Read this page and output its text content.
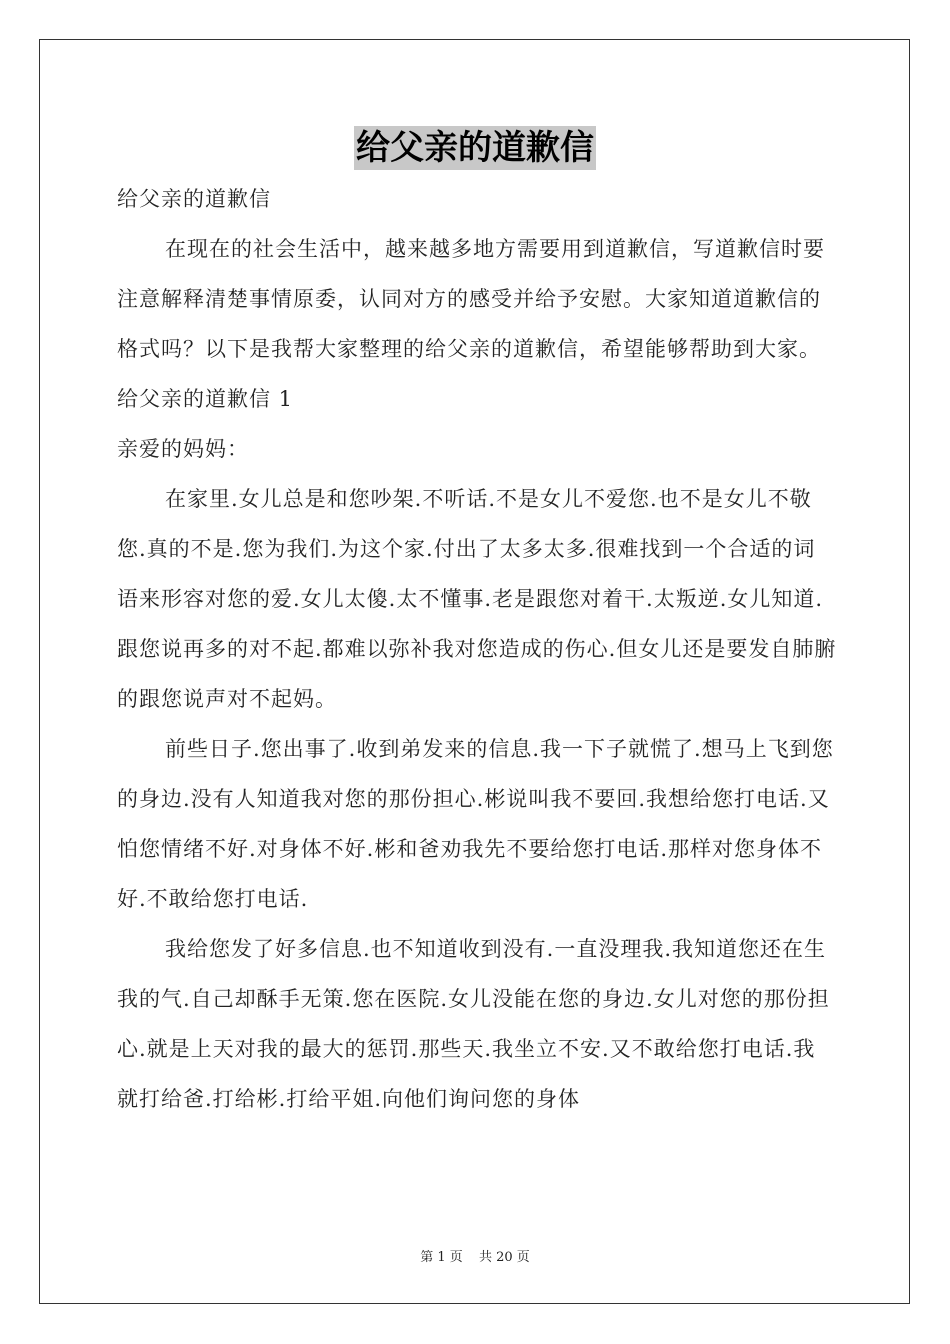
给父亲的道歉信

给父亲的道歉信

在现在的社会生活中，越来越多地方需要用到道歉信，写道歉信时要注意解释清楚事情原委，认同对方的感受并给予安慰。大家知道道歉信的格式吗？以下是我帮大家整理的给父亲的道歉信，希望能够帮助到大家。

给父亲的道歉信 1

亲爱的妈妈：

在家里.女儿总是和您吵架.不听话.不是女儿不爱您.也不是女儿不敬您.真的不是.您为我们.为这个家.付出了太多太多.很难找到一个合适的词语来形容对您的爱.女儿太傻.太不懂事.老是跟您对着干.太叛逆.女儿知道.跟您说再多的对不起.都难以弥补我对您造成的伤心.但女儿还是要发自肺腑的跟您说声对不起妈。

前些日子.您出事了.收到弟发来的信息.我一下子就慌了.想马上飞到您的身边.没有人知道我对您的那份担心.彬说叫我不要回.我想给您打电话.又怕您情绪不好.对身体不好.彬和爸劝我先不要给您打电话.那样对您身体不好.不敢给您打电话.

我给您发了好多信息.也不知道收到没有.一直没理我.我知道您还在生我的气.自己却酥手无策.您在医院.女儿没能在您的身边.女儿对您的那份担心.就是上天对我的最大的惩罚.那些天.我坐立不安.又不敢给您打电话.我就打给爸.打给彬.打给平姐.向他们询问您的身体

第 1 页 共 20 页
